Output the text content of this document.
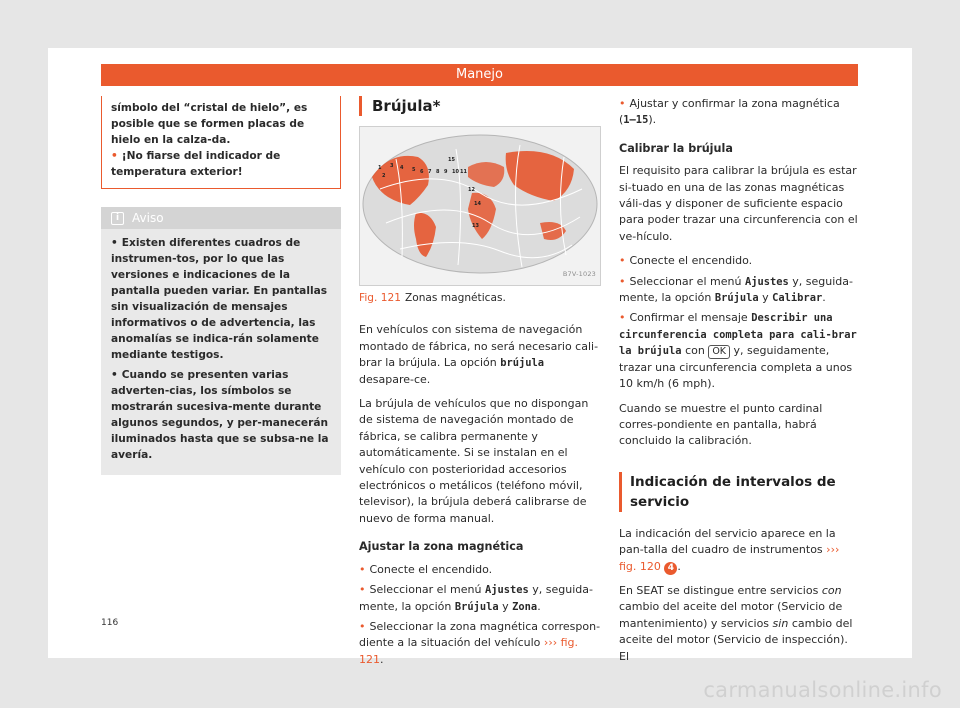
Manejo

símbolo del “cristal de hielo”, es posible que se formen placas de hielo en la calza-da.

• ¡No fiarse del indicador de temperatura exterior!

i	Aviso

• Existen diferentes cuadros de instrumen-tos, por lo que las versiones e indicaciones de la pantalla pueden variar. En pantallas sin visualización de mensajes informativos o de advertencia, las anomalías se indica-rán solamente mediante testigos.

• Cuando se presenten varias adverten-cias, los símbolos se mostrarán sucesiva-mente durante algunos segundos, y per-manecerán iluminados hasta que se subsa-ne la avería.

Brújula*
1
2
3 4 5 6 7 8 9 10 11
12
13
14
15
B7V-1023

Fig. 121 Zonas magnéticas.

En vehículos con sistema de navegación montado de fábrica, no será necesario cali-brar la brújula. La opción brújula desapare-ce.

La brújula de vehículos que no dispongan de sistema de navegación montado de fábrica, se calibra permanente y automáticamente. Si se instalan en el vehículo con posterioridad accesorios electrónicos o metálicos (teléfono móvil, televisor), la brújula deberá calibrarse de nuevo de forma manual.

Ajustar la zona magnética

• Conecte el encendido.

• Seleccionar el menú Ajustes y, seguida-mente, la opción Brújula y Zona.

• Seleccionar la zona magnética correspon-diente a la situación del vehículo ››› fig. 121.

• Ajustar y confirmar la zona magnética (1–15).

Calibrar la brújula

El requisito para calibrar la brújula es estar si-tuado en una de las zonas magnéticas váli-das y disponer de suficiente espacio para poder trazar una circunferencia con el ve-hículo.

• Conecte el encendido.

• Seleccionar el menú Ajustes y, seguida-mente, la opción Brújula y Calibrar.

• Confirmar el mensaje Describir una circunferencia completa para cali-brar la brújula con OK y, seguidamente, trazar una circunferencia completa a unos 10 km/h (6 mph).

Cuando se muestre el punto cardinal corres-pondiente en pantalla, habrá concluido la calibración.

Indicación de intervalos de servicio

La indicación del servicio aparece en la pan-talla del cuadro de instrumentos ››› fig. 120 4 .

En SEAT se distingue entre servicios con cambio del aceite del motor (Servicio de mantenimiento) y servicios sin cambio del aceite del motor (Servicio de inspección). El

116
carmanualsonline.info
